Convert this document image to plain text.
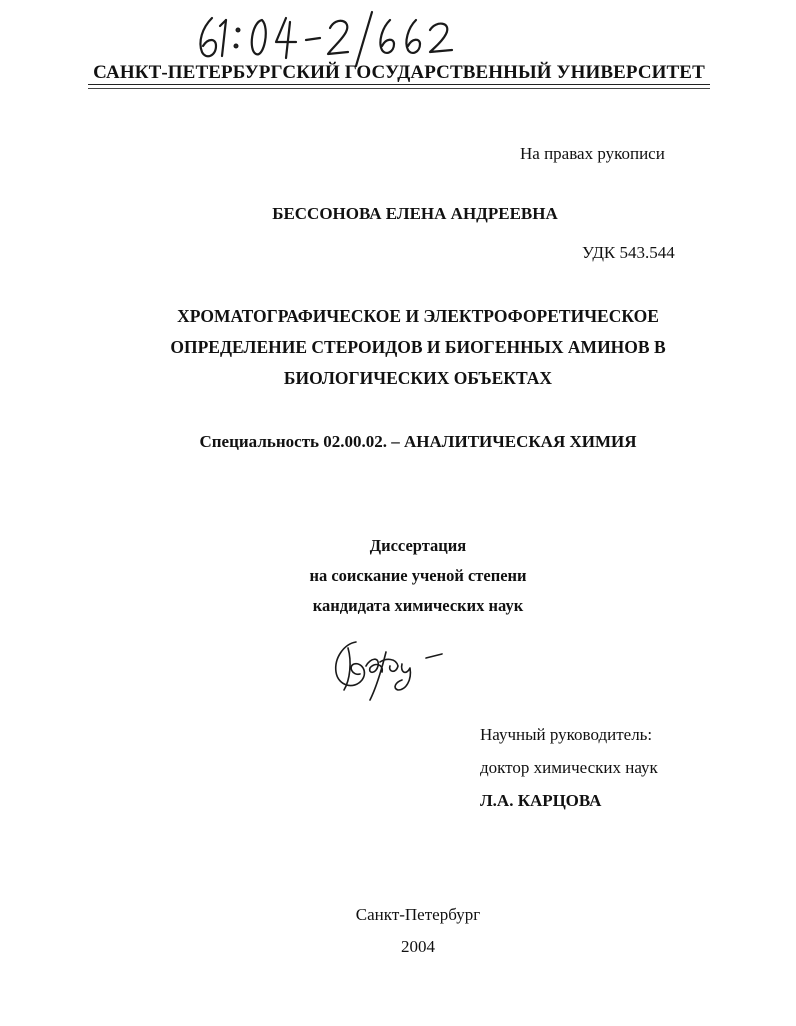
САНКТ-ПЕТЕРБУРГСКИЙ ГОСУДАРСТВЕННЫЙ УНИВЕРСИТЕТ
На правах рукописи
БЕССОНОВА ЕЛЕНА АНДРЕЕВНА
УДК 543.544
ХРОМАТОГРАФИЧЕСКОЕ И ЭЛЕКТРОФОРЕТИЧЕСКОЕ
ОПРЕДЕЛЕНИЕ СТЕРОИДОВ И БИОГЕННЫХ АМИНОВ В
БИОЛОГИЧЕСКИХ ОБЪЕКТАХ
Специальность 02.00.02. – АНАЛИТИЧЕСКАЯ ХИМИЯ
Диссертация
на соискание ученой степени
кандидата химических наук
Научный руководитель:
доктор химических наук
Л.А. КАРЦОВА
Санкт-Петербург
2004
